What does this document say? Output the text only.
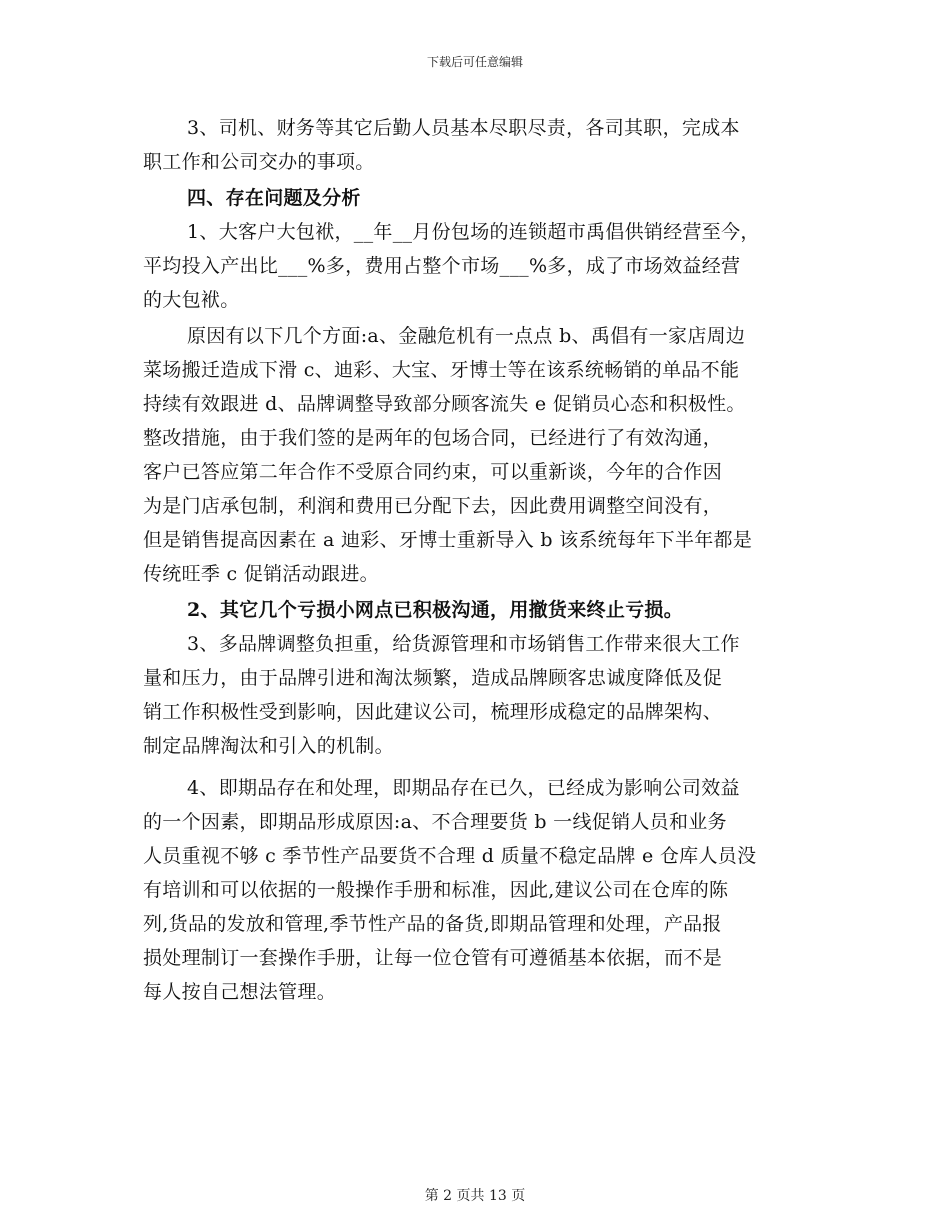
下载后可任意编辑
3、司机、财务等其它后勤人员基本尽职尽责，各司其职，完成本
职工作和公司交办的事项。
四、存在问题及分析
1、大客户大包袱，__年__月份包场的连锁超市禹倡供销经营至今，
平均投入产出比___%多，费用占整个市场___%多，成了市场效益经营
的大包袱。
原因有以下几个方面:a、金融危机有一点点 b、禹倡有一家店周边
菜场搬迁造成下滑 c、迪彩、大宝、牙博士等在该系统畅销的单品不能
持续有效跟进 d、品牌调整导致部分顾客流失 e 促销员心态和积极性。
整改措施，由于我们签的是两年的包场合同，已经进行了有效沟通，
客户已答应第二年合作不受原合同约束，可以重新谈，今年的合作因
为是门店承包制，利润和费用已分配下去，因此费用调整空间没有，
但是销售提高因素在 a 迪彩、牙博士重新导入 b 该系统每年下半年都是
传统旺季 c 促销活动跟进。
2、其它几个亏损小网点已积极沟通，用撤货来终止亏损。
3、多品牌调整负担重，给货源管理和市场销售工作带来很大工作
量和压力，由于品牌引进和淘汰频繁，造成品牌顾客忠诚度降低及促
销工作积极性受到影响，因此建议公司，梳理形成稳定的品牌架构、
制定品牌淘汰和引入的机制。
4、即期品存在和处理，即期品存在已久，已经成为影响公司效益
的一个因素，即期品形成原因:a、不合理要货 b 一线促销人员和业务
人员重视不够 c 季节性产品要货不合理 d 质量不稳定品牌 e 仓库人员没
有培训和可以依据的一般操作手册和标准，因此,建议公司在仓库的陈
列,货品的发放和管理,季节性产品的备货,即期品管理和处理，产品报
损处理制订一套操作手册，让每一位仓管有可遵循基本依据，而不是
每人按自己想法管理。
第 2 页共 13 页
